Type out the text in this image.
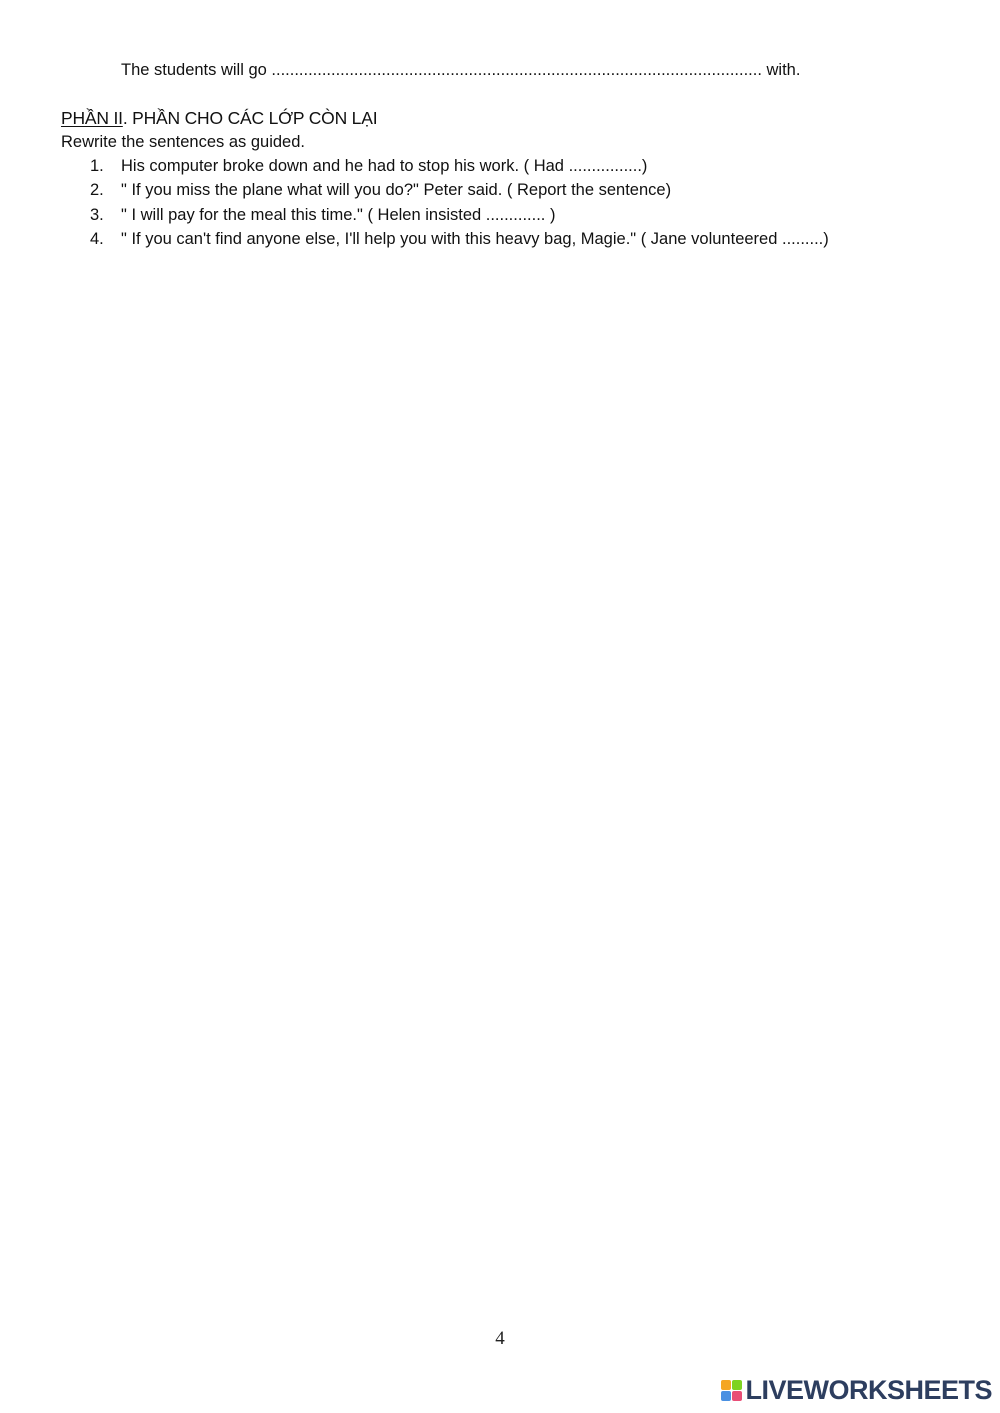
The students will go ........................................................................................................... with.
PHẦN II. PHẦN CHO CÁC LỚP CÒN LẠI
Rewrite the sentences as guided.
1. His computer broke down and he had to stop his work. ( Had ................)
2. " If you miss the plane what will you do?" Peter said. ( Report the sentence)
3. " I will pay for the meal this time." ( Helen insisted ............. )
4. " If you can't find anyone else, I'll help you with this heavy bag, Magie." ( Jane volunteered .........)
4
LIVEWORKSHEETS
